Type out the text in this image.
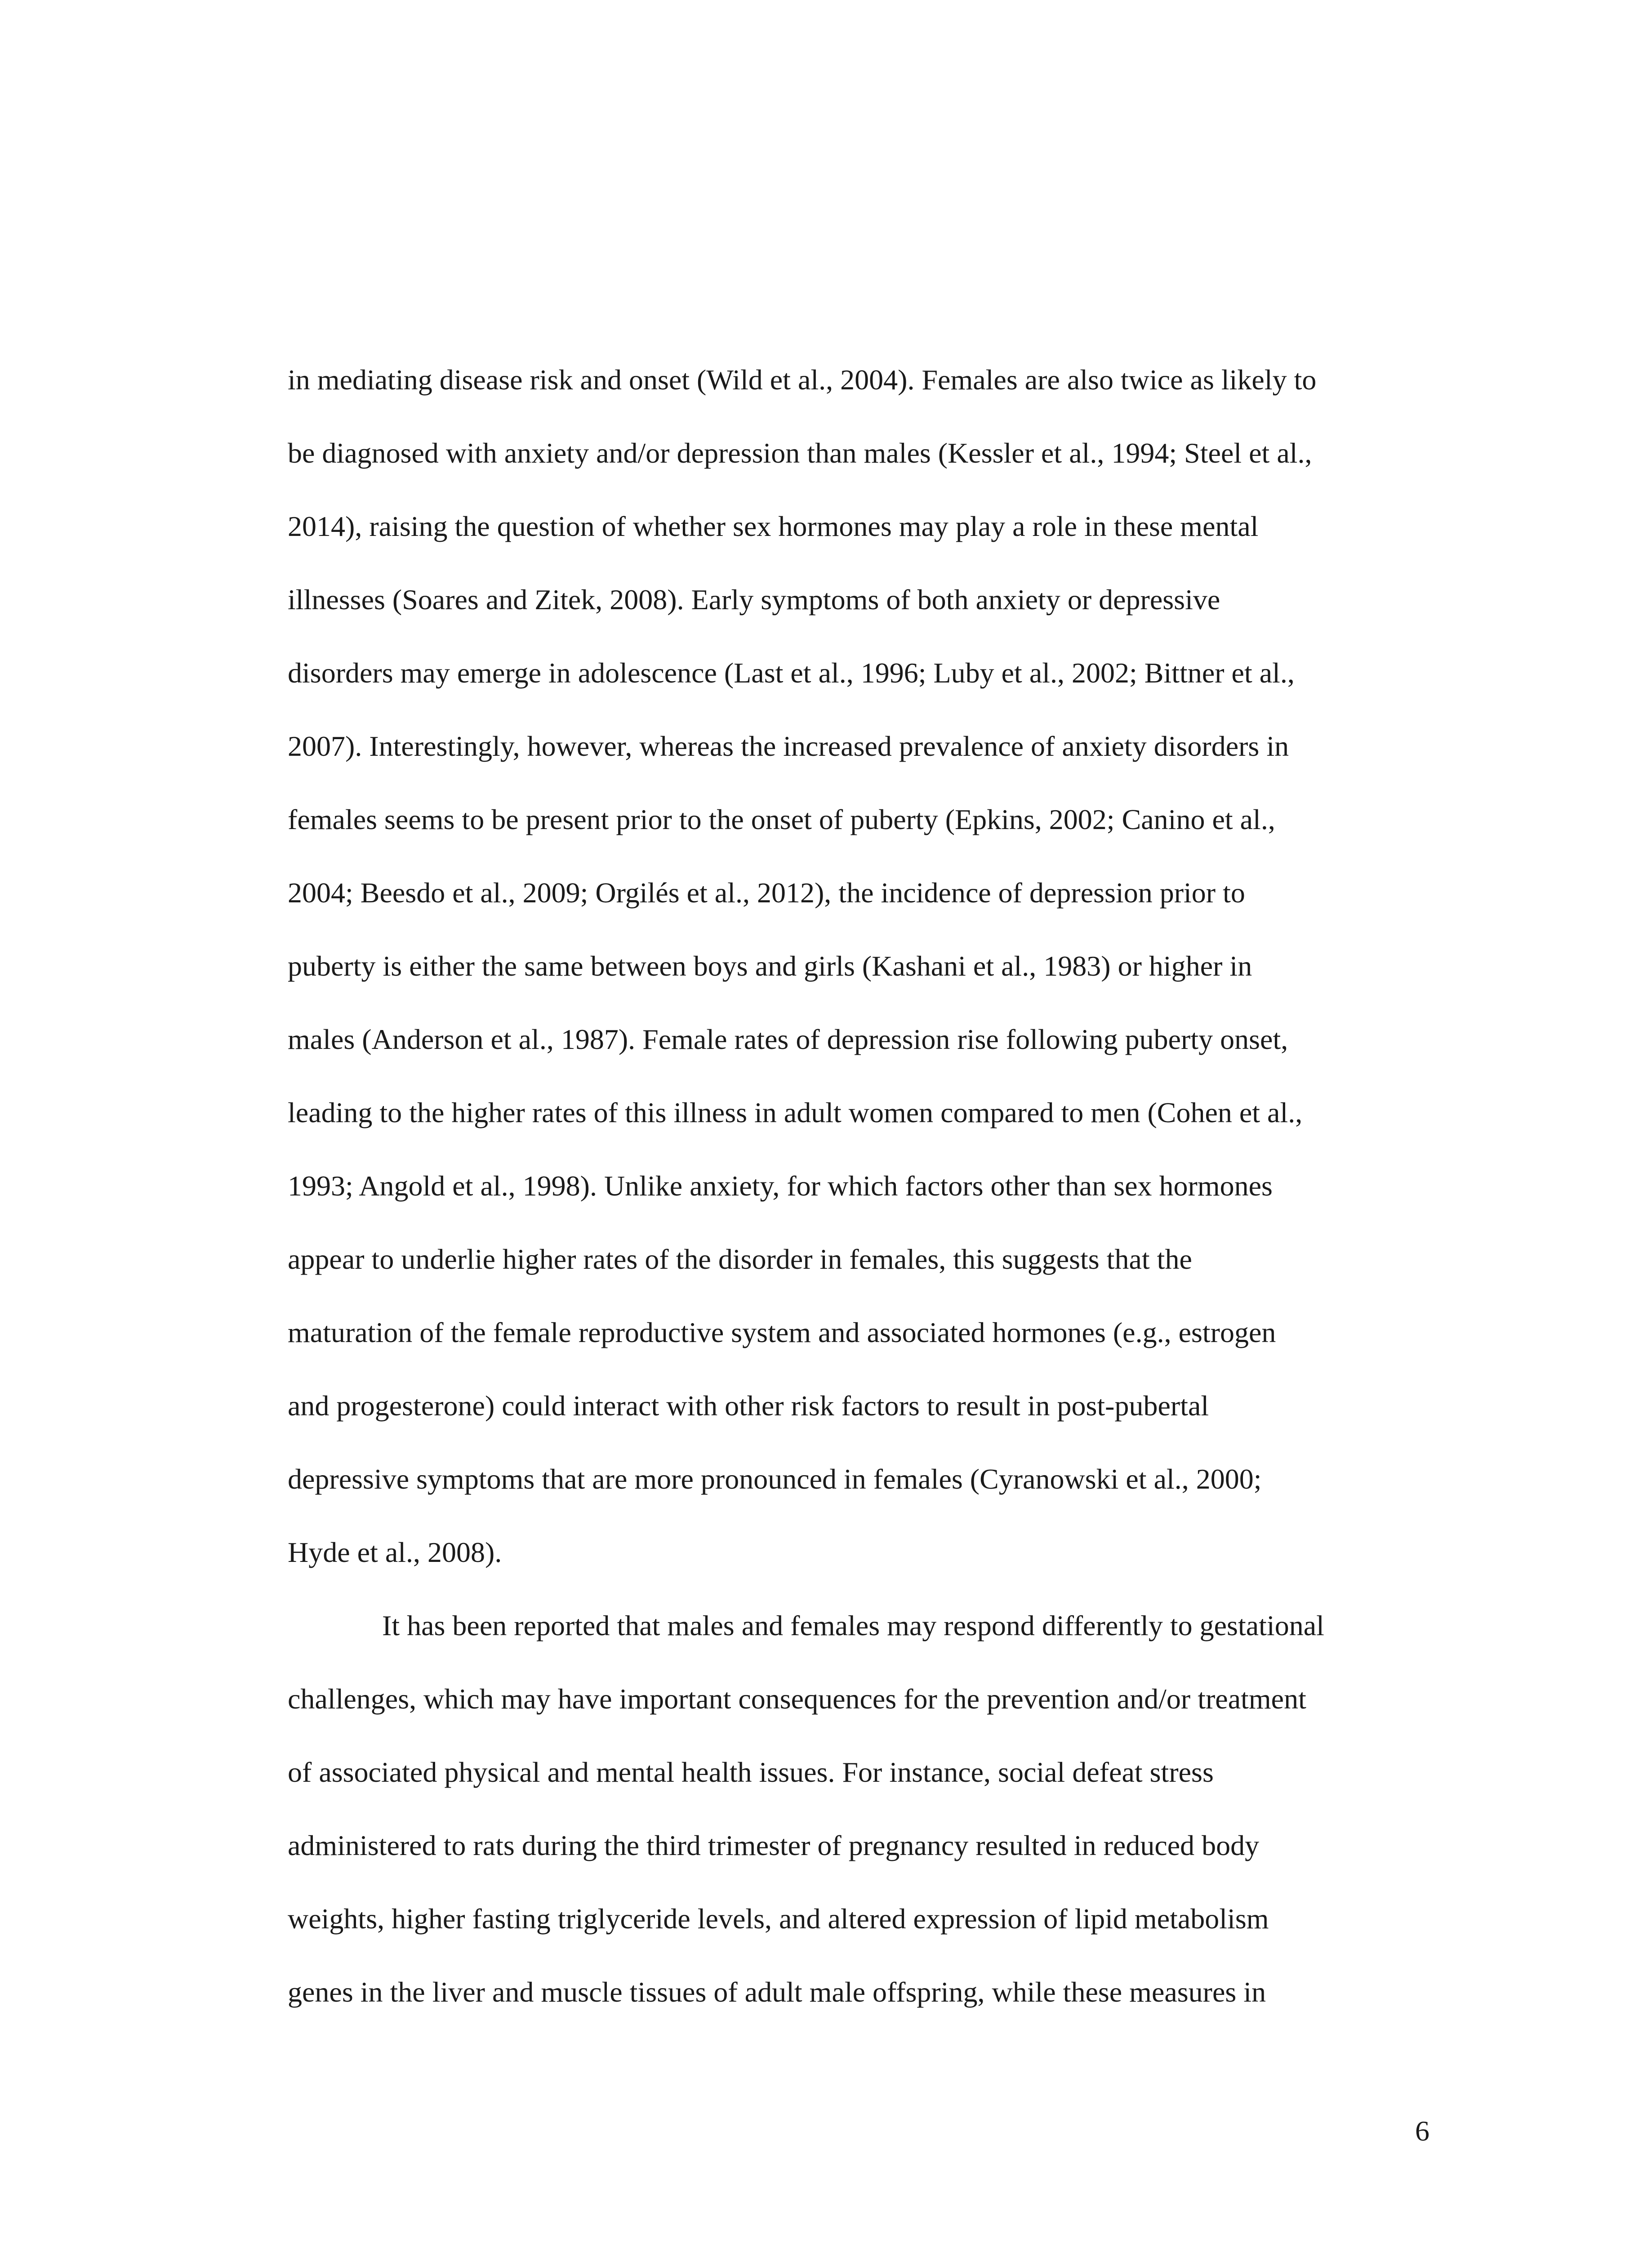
in mediating disease risk and onset (Wild et al., 2004). Females are also twice as likely to
be diagnosed with anxiety and/or depression than males (Kessler et al., 1994; Steel et al.,
2014), raising the question of whether sex hormones may play a role in these mental
illnesses (Soares and Zitek, 2008). Early symptoms of both anxiety or depressive
disorders may emerge in adolescence (Last et al., 1996; Luby et al., 2002; Bittner et al.,
2007). Interestingly, however, whereas the increased prevalence of anxiety disorders in
females seems to be present prior to the onset of puberty (Epkins, 2002; Canino et al.,
2004; Beesdo et al., 2009; Orgilés et al., 2012), the incidence of depression prior to
puberty is either the same between boys and girls (Kashani et al., 1983) or higher in
males (Anderson et al., 1987). Female rates of depression rise following puberty onset,
leading to the higher rates of this illness in adult women compared to men (Cohen et al.,
1993; Angold et al., 1998). Unlike anxiety, for which factors other than sex hormones
appear to underlie higher rates of the disorder in females, this suggests that the
maturation of the female reproductive system and associated hormones (e.g., estrogen
and progesterone) could interact with other risk factors to result in post-pubertal
depressive symptoms that are more pronounced in females (Cyranowski et al., 2000;
Hyde et al., 2008).
It has been reported that males and females may respond differently to gestational
challenges, which may have important consequences for the prevention and/or treatment
of associated physical and mental health issues. For instance, social defeat stress
administered to rats during the third trimester of pregnancy resulted in reduced body
weights, higher fasting triglyceride levels, and altered expression of lipid metabolism
genes in the liver and muscle tissues of adult male offspring, while these measures in
6
